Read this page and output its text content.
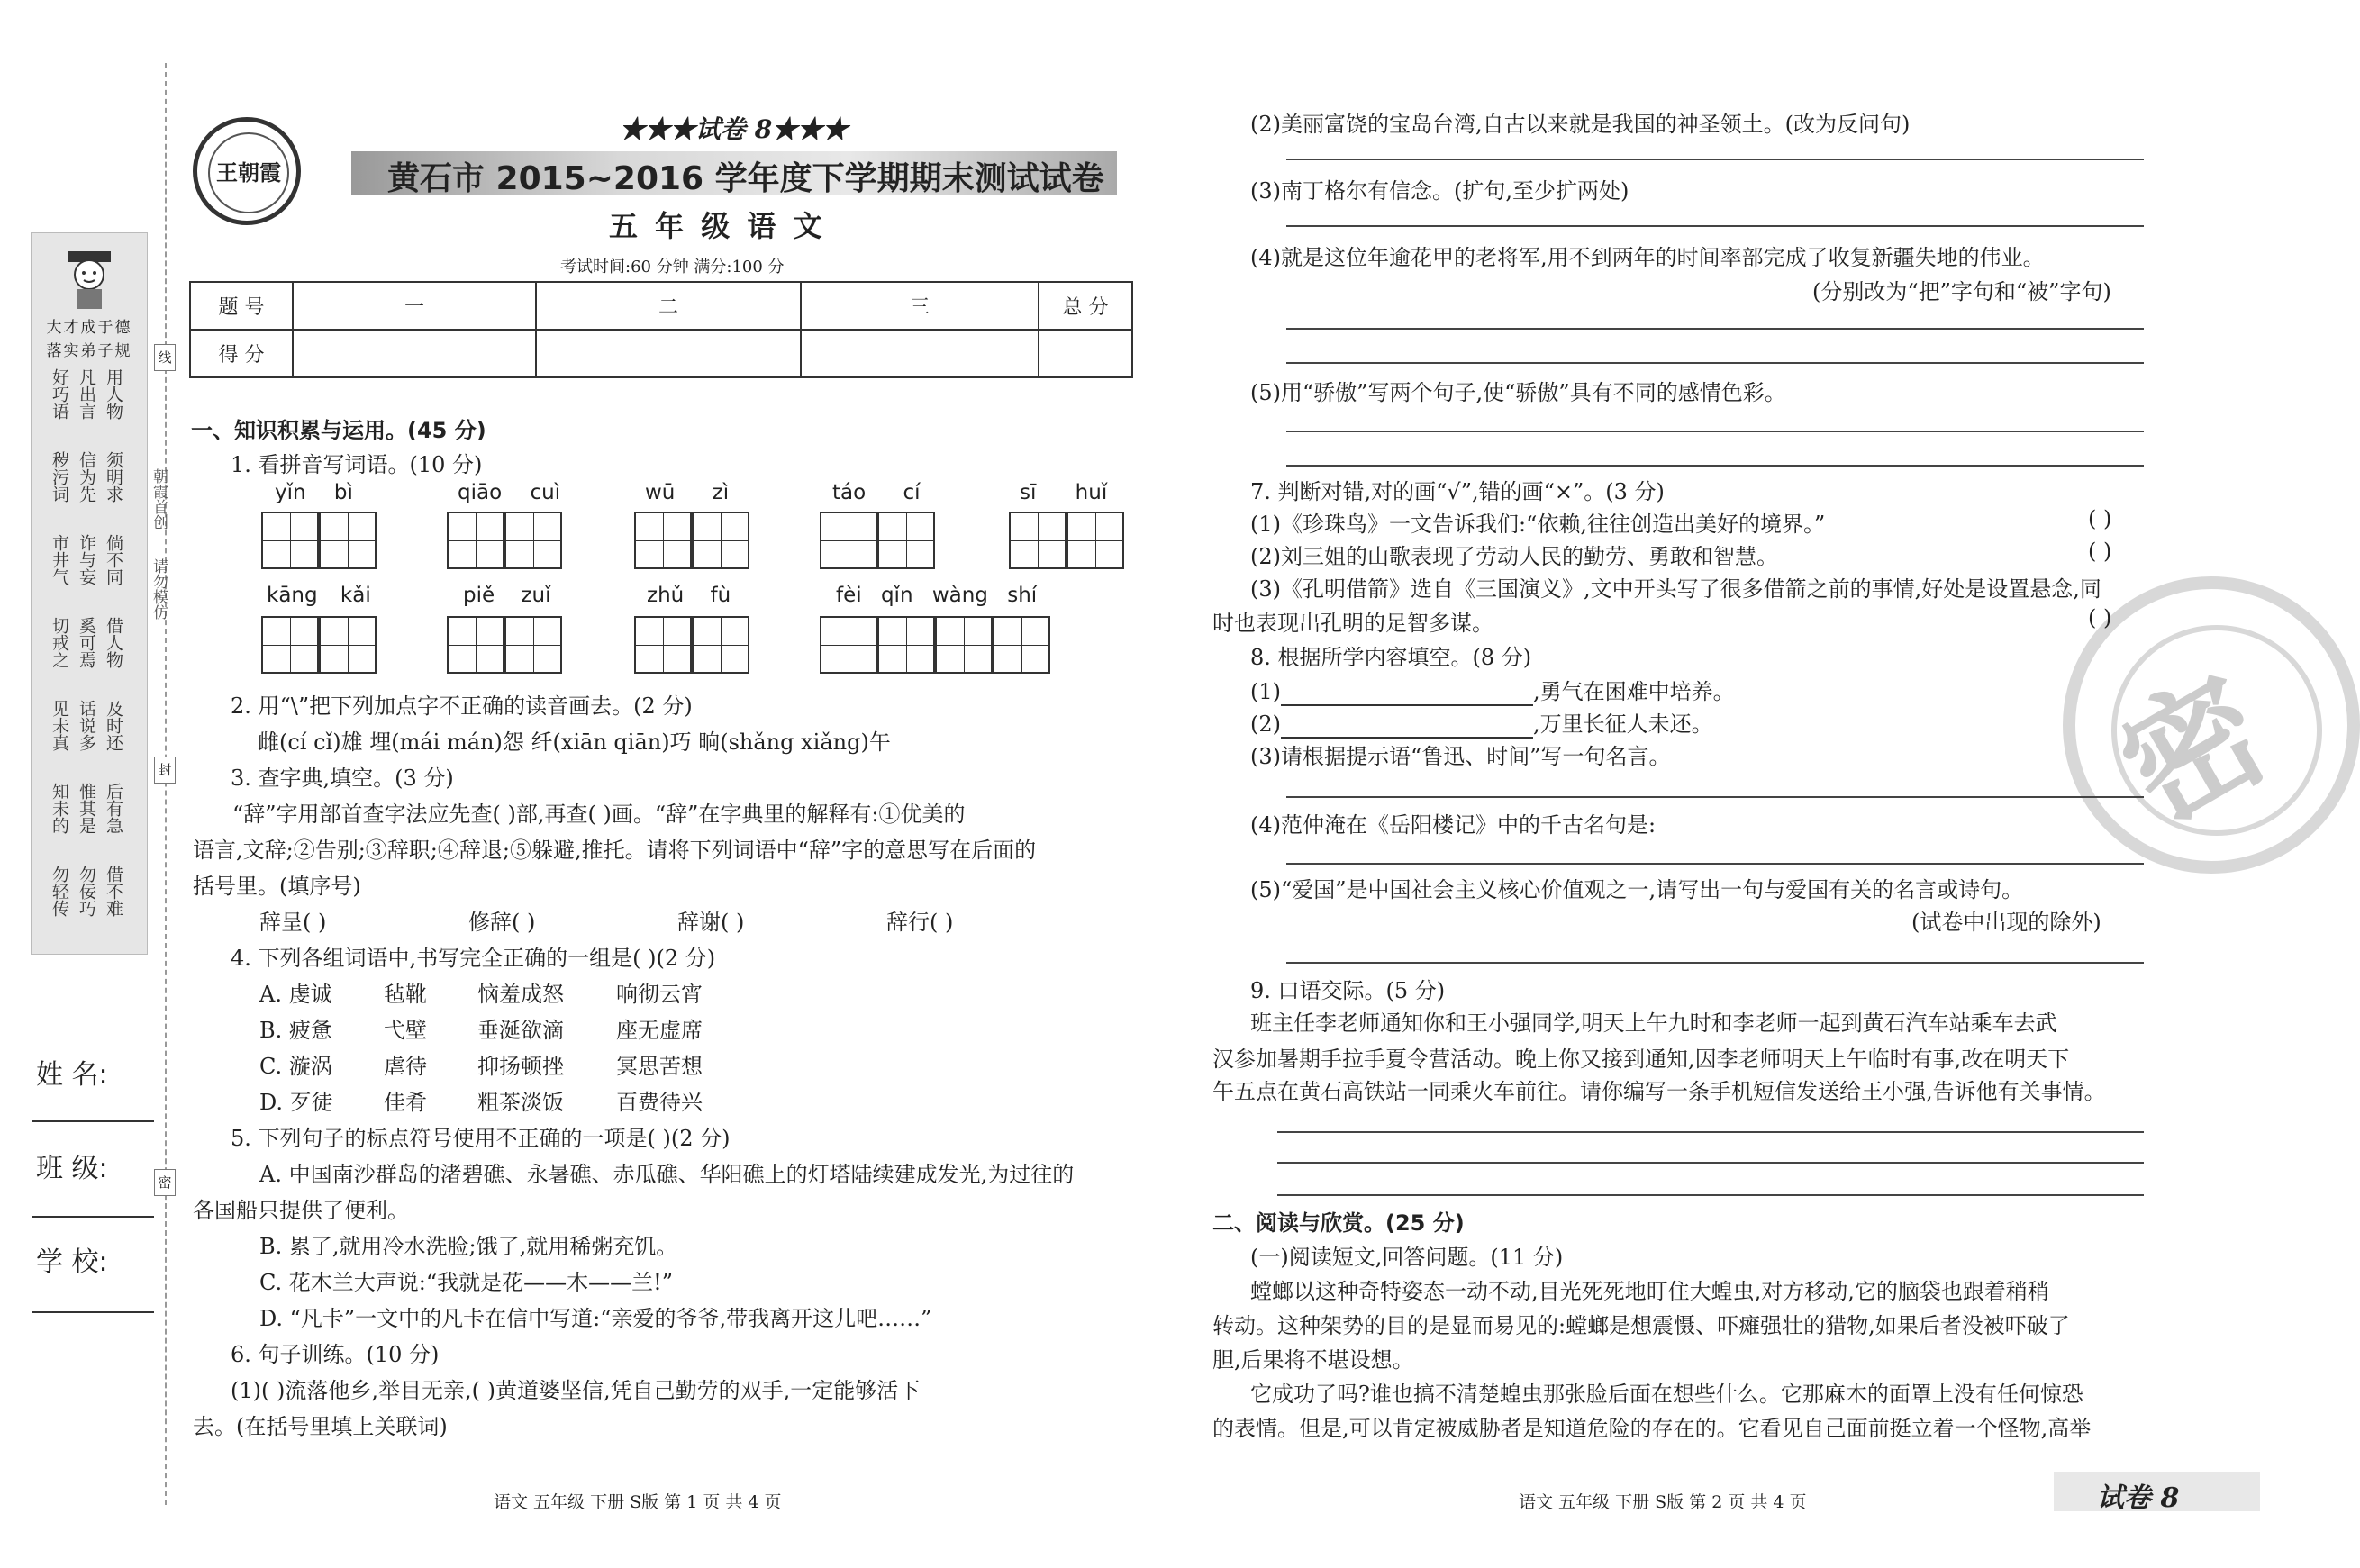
大才成于德 落实弟子规
用人物
凡出言
好巧语
须明求
信为先
秽污词
倘不同
诈与妄
市井气
借人物
奚可焉
切戒之
及时还
话说多
见未真
后有急
惟其是
知未的
借不难
勿佞巧
勿轻传
朝霞首创
请勿模仿
线
封
密
姓 名:
班 级:
学 校:
王朝霞
★★★试卷 8★★★
黄石市 2015~2016 学年度下学期期末测试试卷
五 年 级 语 文
考试时间:60 分钟 满分:100 分
题 号	一	二	三	总 分
得 分				
一、知识积累与运用。(45 分)
1. 看拼音写词语。(10 分)
yǐn bì	qiāo cuì	wū zì	táo cí	sī huǐ
kāng kǎi	piě zuǐ	zhǔ fù	fèi qǐn wàng shí
2. 用“\”把下列加点字不正确的读音画去。(2 分)
雌(cí cǐ)雄 埋(mái mán)怨 纤(xiān qiān)巧 晌(shǎng xiǎng)午
3. 查字典,填空。(3 分)
“辞”字用部首查字法应先查( )部,再查( )画。“辞”在字典里的解释有:①优美的
语言,文辞;②告别;③辞职;④辞退;⑤躲避,推托。请将下列词语中“辞”字的意思写在后面的
括号里。(填序号)
辞呈( )	修辞( )	辞谢( )	辞行( )
4. 下列各组词语中,书写完全正确的一组是( )(2 分)
A. 虔诚 毡靴 恼羞成怒 响彻云宵
B. 疲惫 弋壁 垂涎欲滴 座无虚席
C. 漩涡 虐待 抑扬顿挫 冥思苦想
D. 歹徒 佳肴 粗茶淡饭 百费待兴
5. 下列句子的标点符号使用不正确的一项是( )(2 分)
A. 中国南沙群岛的渚碧礁、永暑礁、赤瓜礁、华阳礁上的灯塔陆续建成发光,为过往的
各国船只提供了便利。
B. 累了,就用冷水洗脸;饿了,就用稀粥充饥。
C. 花木兰大声说:“我就是花——木——兰!”
D. “凡卡”一文中的凡卡在信中写道:“亲爱的爷爷,带我离开这儿吧……”
6. 句子训练。(10 分)
(1)( )流落他乡,举目无亲,( )黄道婆坚信,凭自己勤劳的双手,一定能够活下
去。(在括号里填上关联词)
语文 五年级 下册 S版 第 1 页 共 4 页
密
(2)美丽富饶的宝岛台湾,自古以来就是我国的神圣领土。(改为反问句)
(3)南丁格尔有信念。(扩句,至少扩两处)
(4)就是这位年逾花甲的老将军,用不到两年的时间率部完成了收复新疆失地的伟业。
(分别改为“把”字句和“被”字句)
(5)用“骄傲”写两个句子,使“骄傲”具有不同的感情色彩。
7. 判断对错,对的画“√”,错的画“×”。(3 分)
(1)《珍珠鸟》一文告诉我们:“依赖,往往创造出美好的境界。”	( )
(2)刘三姐的山歌表现了劳动人民的勤劳、勇敢和智慧。	( )
(3)《孔明借箭》选自《三国演义》,文中开头写了很多借箭之前的事情,好处是设置悬念,同
时也表现出孔明的足智多谋。	( )
8. 根据所学内容填空。(8 分)
(1)	,勇气在困难中培养。
(2)	,万里长征人未还。
(3)请根据提示语“鲁迅、时间”写一句名言。
(4)范仲淹在《岳阳楼记》中的千古名句是:
(5)“爱国”是中国社会主义核心价值观之一,请写出一句与爱国有关的名言或诗句。
(试卷中出现的除外)
9. 口语交际。(5 分)
班主任李老师通知你和王小强同学,明天上午九时和李老师一起到黄石汽车站乘车去武
汉参加暑期手拉手夏令营活动。晚上你又接到通知,因李老师明天上午临时有事,改在明天下
午五点在黄石高铁站一同乘火车前往。请你编写一条手机短信发送给王小强,告诉他有关事情。
二、阅读与欣赏。(25 分)
(一)阅读短文,回答问题。(11 分)
螳螂以这种奇特姿态一动不动,目光死死地盯住大蝗虫,对方移动,它的脑袋也跟着稍稍
转动。这种架势的目的是显而易见的:螳螂是想震慑、吓瘫强壮的猎物,如果后者没被吓破了
胆,后果将不堪设想。
它成功了吗?谁也搞不清楚蝗虫那张脸后面在想些什么。它那麻木的面罩上没有任何惊恐
的表情。但是,可以肯定被威胁者是知道危险的存在的。它看见自己面前挺立着一个怪物,高举
语文 五年级 下册 S版 第 2 页 共 4 页	试卷 8
